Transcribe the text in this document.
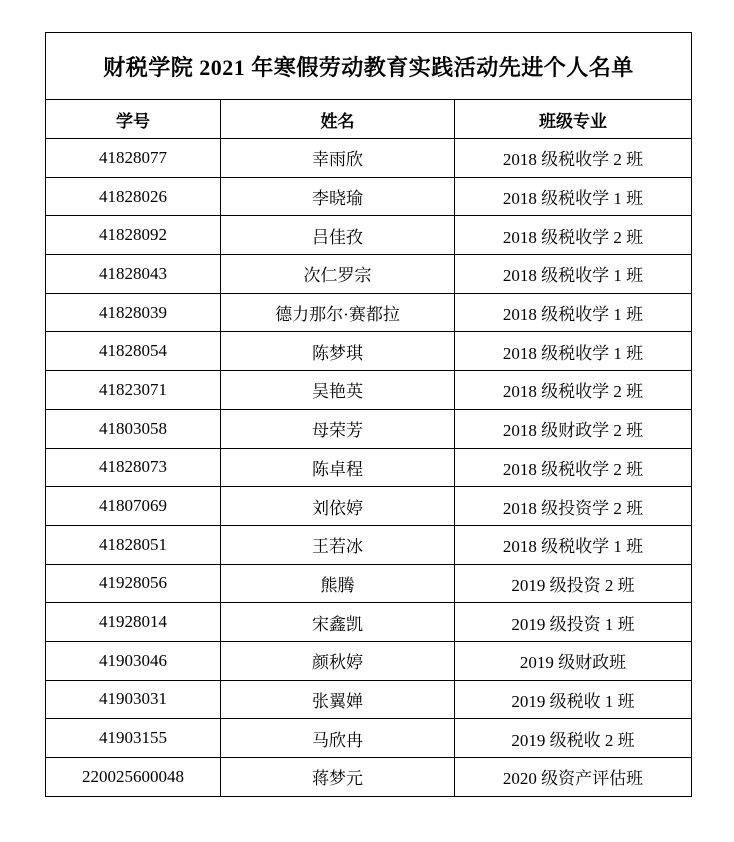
财税学院 2021 年寒假劳动教育实践活动先进个人名单		
学号	姓名	班级专业
41828077	幸雨欣	2018 级税收学 2 班
41828026	李晓瑜	2018 级税收学 1 班
41828092	吕佳孜	2018 级税收学 2 班
41828043	次仁罗宗	2018 级税收学 1 班
41828039	德力那尔·赛都拉	2018 级税收学 1 班
41828054	陈梦琪	2018 级税收学 1 班
41823071	吴艳英	2018 级税收学 2 班
41803058	母荣芳	2018 级财政学 2 班
41828073	陈卓程	2018 级税收学 2 班
41807069	刘依婷	2018 级投资学 2 班
41828051	王若冰	2018 级税收学 1 班
41928056	熊腾	2019 级投资 2 班
41928014	宋鑫凯	2019 级投资 1 班
41903046	颜秋婷	2019 级财政班
41903031	张翼婵	2019 级税收 1 班
41903155	马欣冉	2019 级税收 2 班
220025600048	蒋梦元	2020 级资产评估班
